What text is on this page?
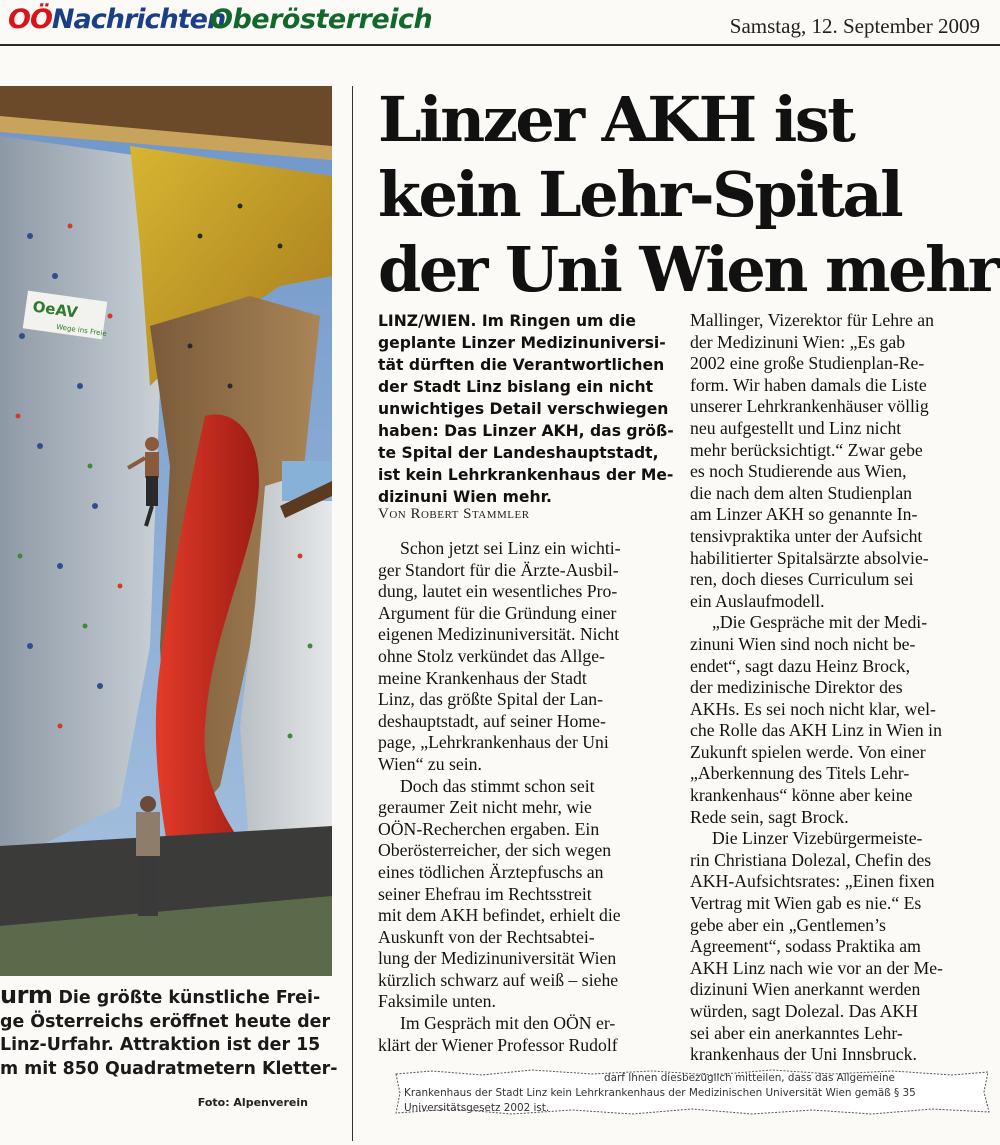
OÖNachrichten
Oberösterreich	Samstag, 12. September 2009
OeAV
Wege ins Freie
urm Die größte künstliche Frei-
ge Österreichs eröffnet heute der
Linz-Urfahr. Attraktion ist der 15
m mit 850 Quadratmetern Kletter-
Foto: Alpenverein
Linzer AKH ist
kein Lehr-Spital
der Uni Wien mehr
LINZ/WIEN. Im Ringen um die
geplante Linzer Medizinuniversi-
tät dürften die Verantwortlichen
der Stadt Linz bislang ein nicht
unwichtiges Detail verschwiegen
haben: Das Linzer AKH, das größ-
te Spital der Landeshauptstadt,
ist kein Lehrkrankenhaus der Me-
dizinuni Wien mehr.
Von Robert Stammler
Schon jetzt sei Linz ein wichti-
ger Standort für die Ärzte-Ausbil-
dung, lautet ein wesentliches Pro-
Argument für die Gründung einer
eigenen Medizinuniversität. Nicht
ohne Stolz verkündet das Allge-
meine Krankenhaus der Stadt
Linz, das größte Spital der Lan-
deshauptstadt, auf seiner Home-
page, „Lehrkrankenhaus der Uni
Wien“ zu sein.
Doch das stimmt schon seit
geraumer Zeit nicht mehr, wie
OÖN-Recherchen ergaben. Ein
Oberösterreicher, der sich wegen
eines tödlichen Ärztepfuschs an
seiner Ehefrau im Rechtsstreit
mit dem AKH befindet, erhielt die
Auskunft von der Rechtsabtei-
lung der Medizinuniversität Wien
kürzlich schwarz auf weiß – siehe
Faksimile unten.
Im Gespräch mit den OÖN er-
klärt der Wiener Professor Rudolf
Mallinger, Vizerektor für Lehre an
der Medizinuni Wien: „Es gab
2002 eine große Studienplan-Re-
form. Wir haben damals die Liste
unserer Lehrkrankenhäuser völlig
neu aufgestellt und Linz nicht
mehr berücksichtigt.“ Zwar gebe
es noch Studierende aus Wien,
die nach dem alten Studienplan
am Linzer AKH so genannte In-
tensivpraktika unter der Aufsicht
habilitierter Spitalsärzte absolvie-
ren, doch dieses Curriculum sei
ein Auslaufmodell.
„Die Gespräche mit der Medi-
zinuni Wien sind noch nicht be-
endet“, sagt dazu Heinz Brock,
der medizinische Direktor des
AKHs. Es sei noch nicht klar, wel-
che Rolle das AKH Linz in Wien in
Zukunft spielen werde. Von einer
„Aberkennung des Titels Lehr-
krankenhaus“ könne aber keine
Rede sein, sagt Brock.
Die Linzer Vizebürgermeiste-
rin Christiana Dolezal, Chefin des
AKH-Aufsichtsrates: „Einen fixen
Vertrag mit Wien gab es nie.“ Es
gebe aber ein „Gentlemen’s
Agreement“, sodass Praktika am
AKH Linz nach wie vor an der Me-
dizinuni Wien anerkannt werden
würden, sagt Dolezal. Das AKH
sei aber ein anerkanntes Lehr-
krankenhaus der Uni Innsbruck.
darf Ihnen diesbezüglich mitteilen, dass das Allgemeine
Krankenhaus der Stadt Linz kein Lehrkrankenhaus der Medizinischen Universität Wien gemäß § 35
Universitätsgesetz 2002 ist.
